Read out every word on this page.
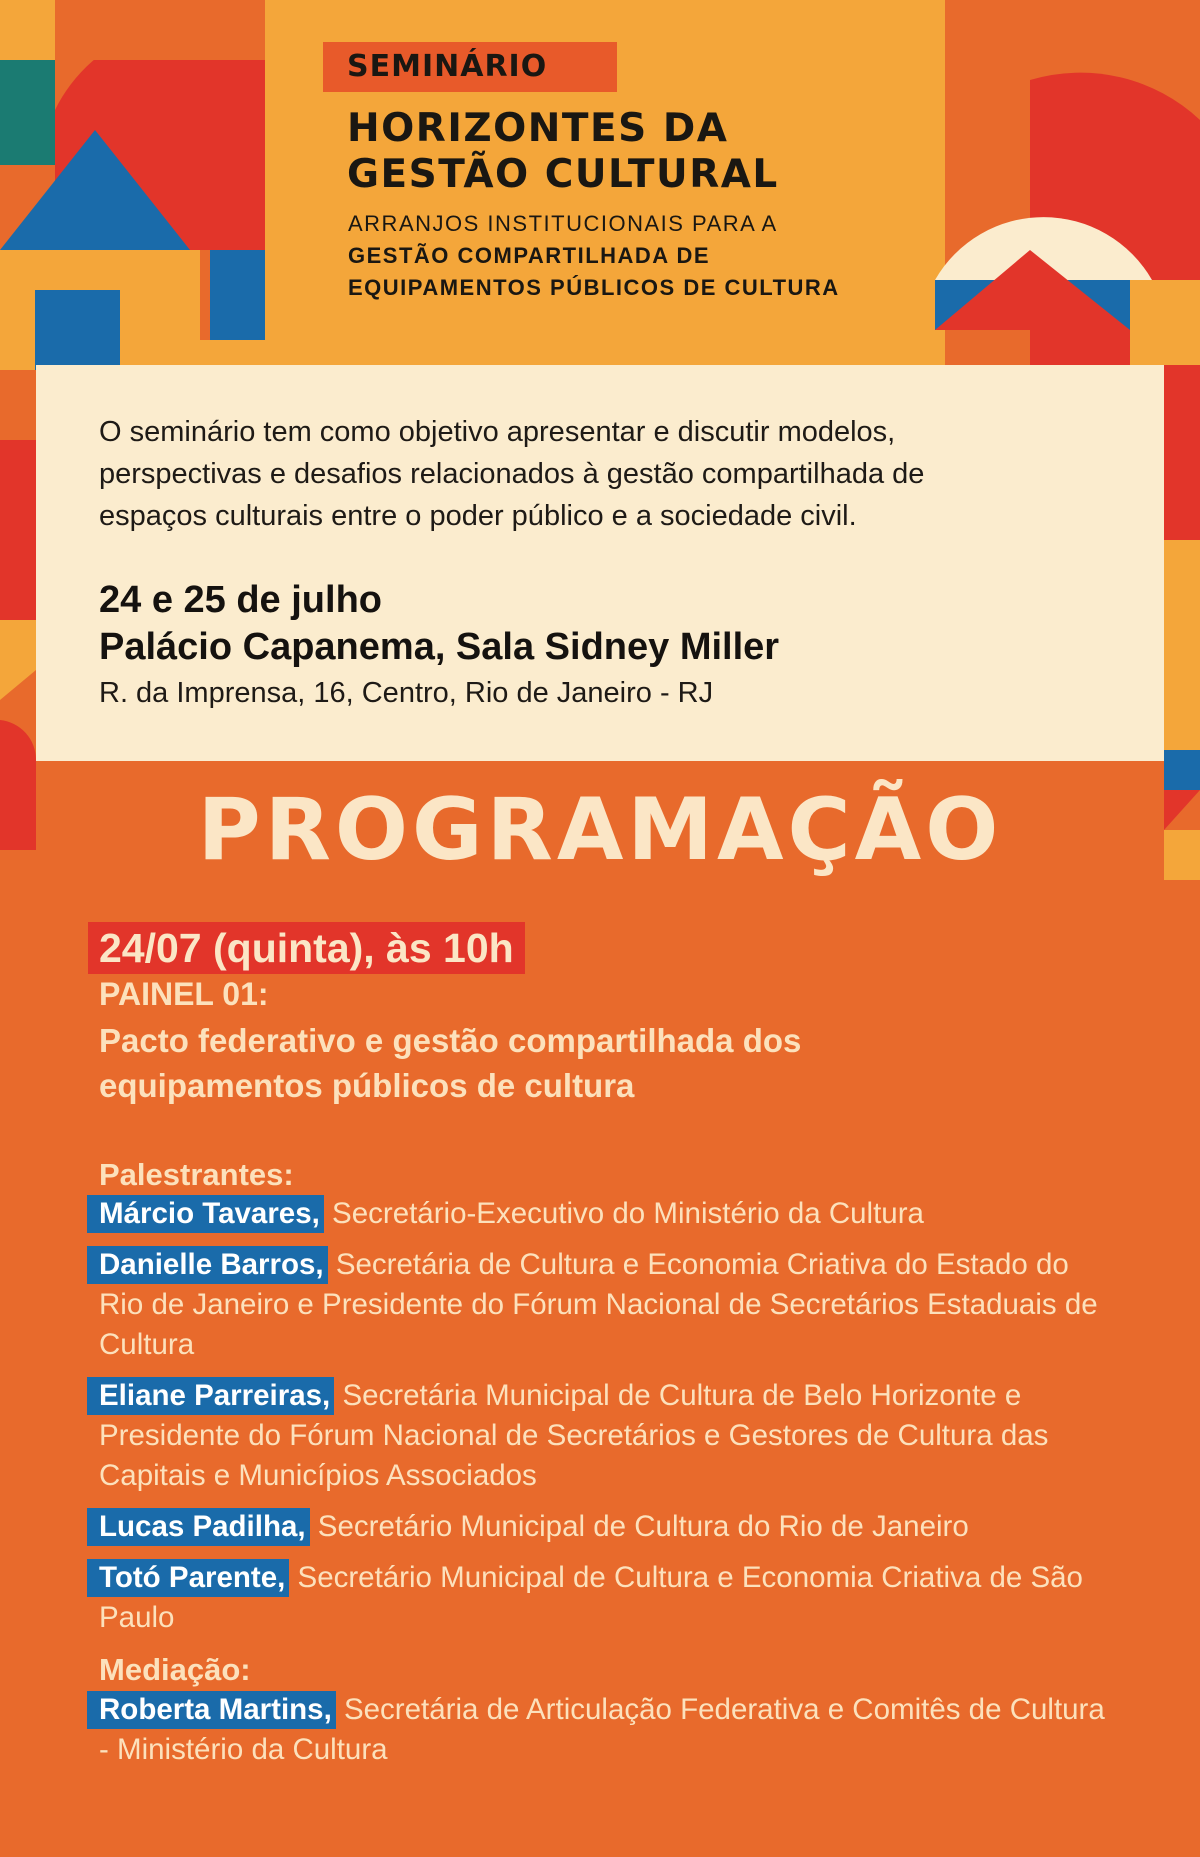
SEMINÁRIO
HORIZONTES DA
GESTÃO CULTURAL
ARRANJOS INSTITUCIONAIS PARA A
GESTÃO COMPARTILHADA DE
EQUIPAMENTOS PÚBLICOS DE CULTURA
O seminário tem como objetivo apresentar e discutir modelos,
perspectivas e desafios relacionados à gestão compartilhada de
espaços culturais entre o poder público e a sociedade civil.
24 e 25 de julho
Palácio Capanema, Sala Sidney Miller
R. da Imprensa, 16, Centro, Rio de Janeiro - RJ
PROGRAMAÇÃO
24/07 (quinta), às 10h
PAINEL 01:
Pacto federativo e gestão compartilhada dos
equipamentos públicos de cultura
Palestrantes:
Márcio Tavares, Secretário-Executivo do Ministério da Cultura
Danielle Barros, Secretária de Cultura e Economia Criativa do Estado do Rio de Janeiro e Presidente do Fórum Nacional de Secretários Estaduais de Cultura
Eliane Parreiras, Secretária Municipal de Cultura de Belo Horizonte e Presidente do Fórum Nacional de Secretários e Gestores de Cultura das Capitais e Municípios Associados
Lucas Padilha, Secretário Municipal de Cultura do Rio de Janeiro
Totó Parente, Secretário Municipal de Cultura e Economia Criativa de São Paulo
Mediação:
Roberta Martins, Secretária de Articulação Federativa e Comitês de Cultura - Ministério da Cultura
